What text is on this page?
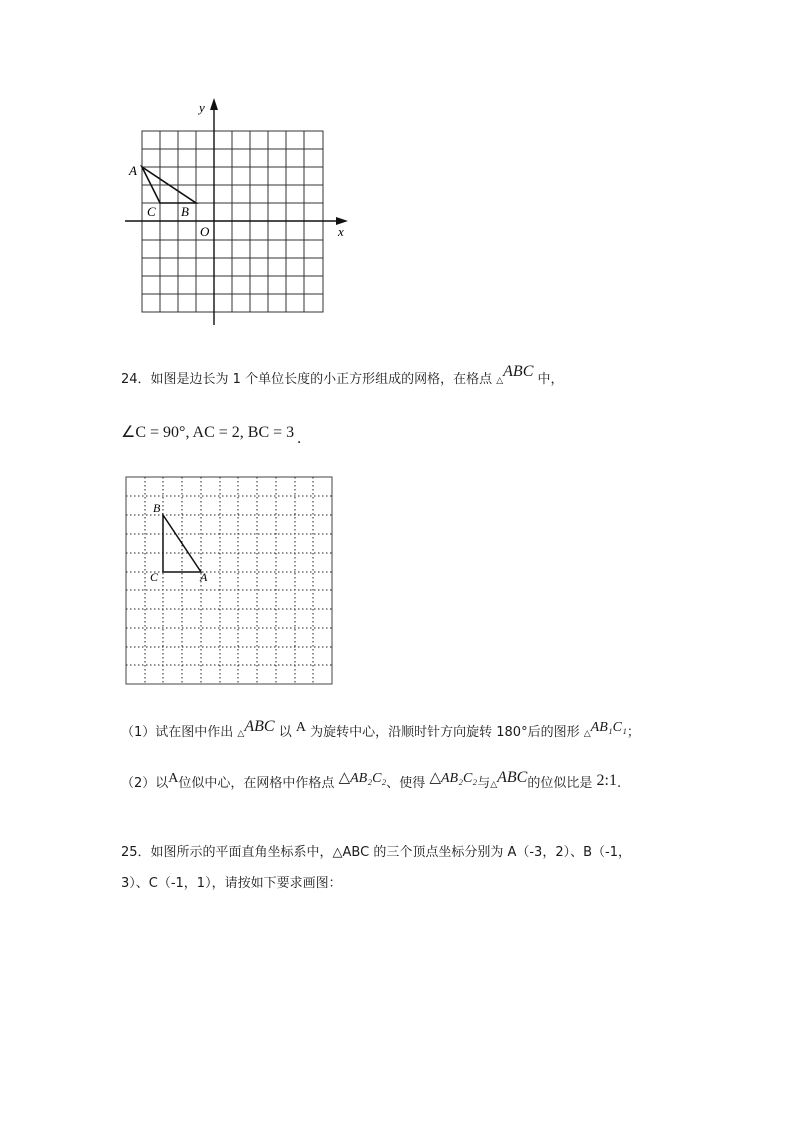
y
x
O
A
C B
24．如图是边长为 1 个单位长度的小正方形组成的网格，在格点 △ABC 中，
∠C = 90°, AC = 2, BC = 3 .
B
C	A
（1）试在图中作出 △ABC 以 A 为旋转中心，沿顺时针方向旋转 180°后的图形 △AB₁C₁；
（2）以A位似中心，在网格中作格点 △AB₂C₂、使得 △AB₂C₂与△ABC的位似比是 2:1.
25．如图所示的平面直角坐标系中，△ABC 的三个顶点坐标分别为 A（-3，2）、B（-1，
3）、C（-1，1），请按如下要求画图：
